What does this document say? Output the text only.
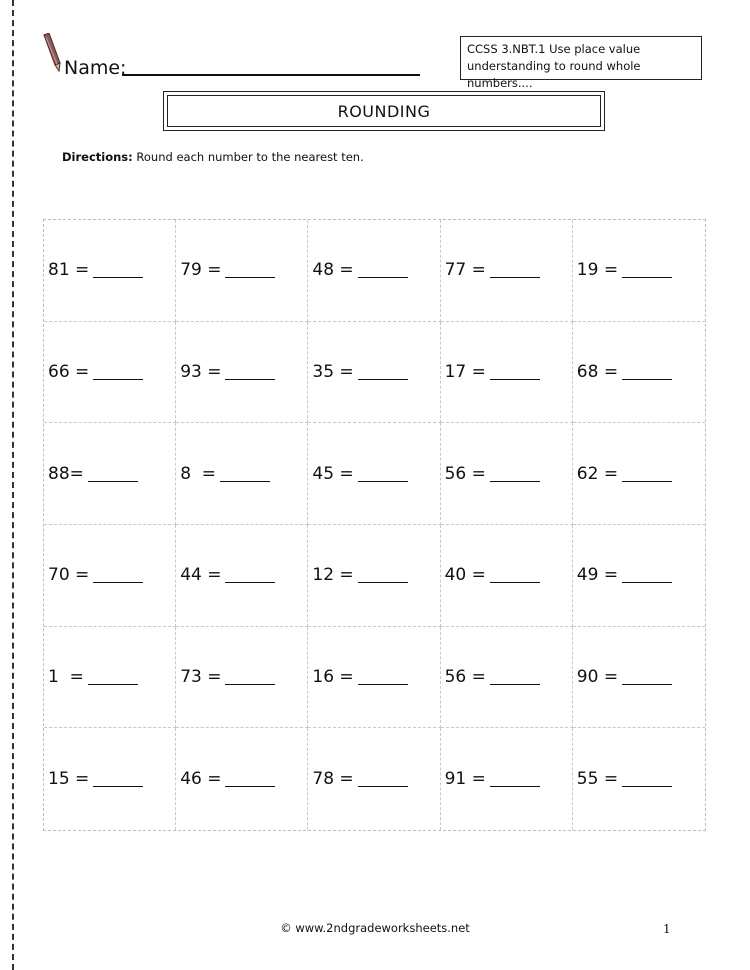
Name:
CCSS 3.NBT.1 Use place value understanding to round whole numbers....
ROUNDING
Directions: Round each number to the nearest ten.
81 =	79 =	48 =	77 =	19 =
66 =	93 =	35 =	17 =	68 =
88=	8  =	45 =	56 =	62 =
70 =	44 =	12 =	40 =	49 =
1  =	73 =	16 =	56 =	90 =
15 =	46 =	78 =	91 =	55 =
© www.2ndgradeworksheets.net	1
